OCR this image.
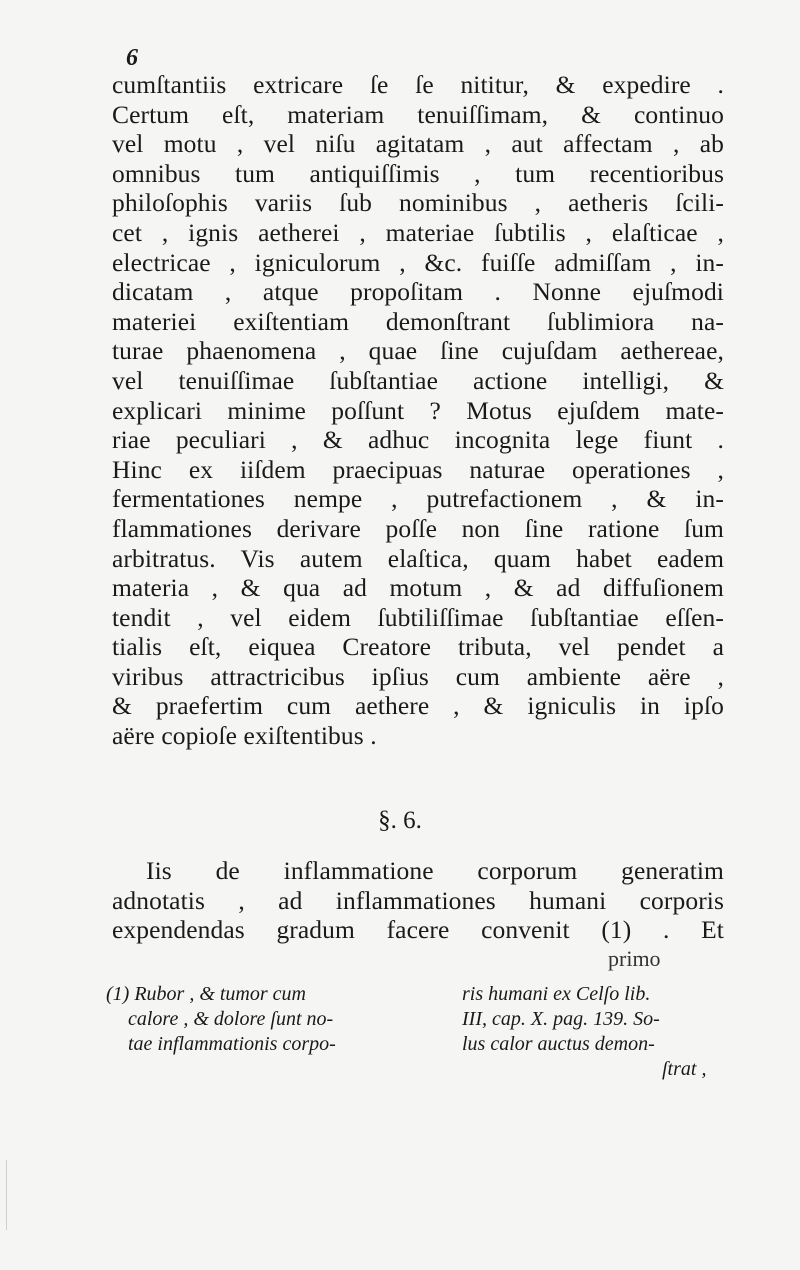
6
cumſtantiis extricare ſe ſe nititur, & expedire .
Certum eſt, materiam tenuiſſimam, & continuo
vel motu , vel niſu agitatam , aut affectam , ab
omnibus tum antiquiſſimis , tum recentioribus
philoſophis variis ſub nominibus , aetheris ſcili-
cet , ignis aetherei , materiae ſubtilis , elaſticae ,
electricae , igniculorum , &c. fuiſſe admiſſam , in-
dicatam , atque propoſitam . Nonne ejuſmodi
materiei exiſtentiam demonſtrant ſublimiora na-
turae phaenomena , quae ſine cujuſdam aethereae,
vel tenuiſſimae ſubſtantiae actione intelligi, &
explicari minime poſſunt ? Motus ejuſdem mate-
riae peculiari , & adhuc incognita lege fiunt .
Hinc ex iiſdem praecipuas naturae operationes ,
fermentationes nempe , putrefactionem , & in-
flammationes derivare poſſe non ſine ratione ſum
arbitratus. Vis autem elaſtica, quam habet eadem
materia , & qua ad motum , & ad diffuſionem
tendit , vel eidem ſubtiliſſimae ſubſtantiae eſſen-
tialis eſt, eiquea Creatore tributa, vel pendet a
viribus attractricibus ipſius cum ambiente aëre ,
& praefertim cum aethere , & igniculis in ipſo
aëre copioſe exiſtentibus .
§. 6.
Iis de inflammatione corporum generatim
adnotatis , ad inflammationes humani corporis
expendendas gradum facere convenit (1) . Et
primo
(1) Rubor , & tumor cum
calore , & dolore ſunt no-
tae inflammationis corpo-
ris humani ex Celſo lib.
III, cap. X. pag. 139. So-
lus calor auctus demon-
ſtrat ,
